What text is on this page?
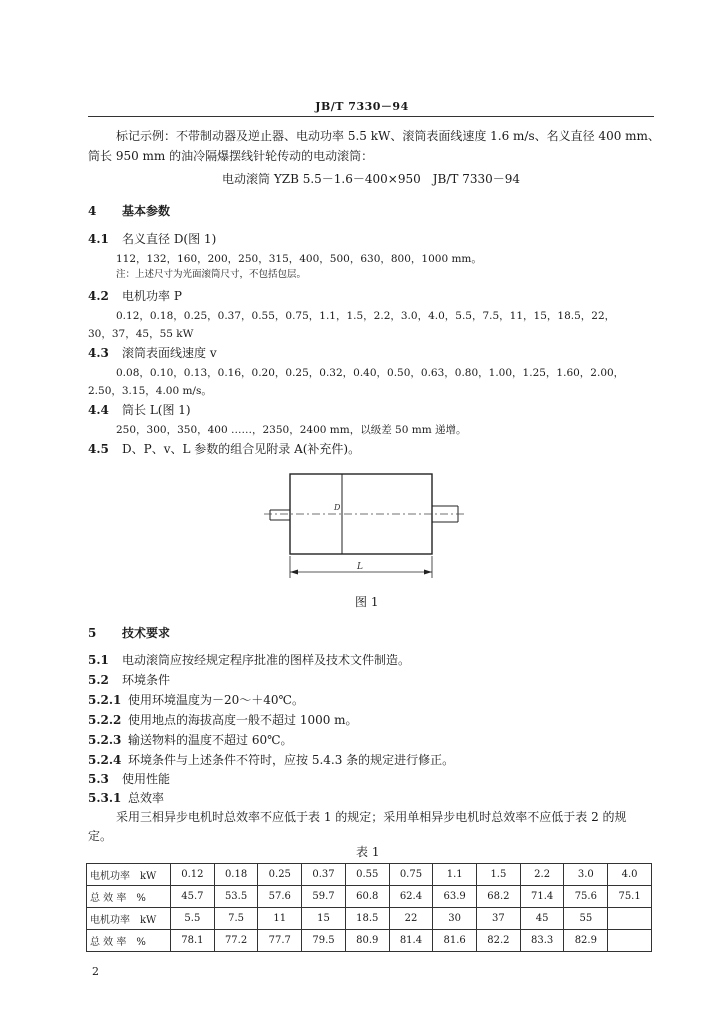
JB/T 7330－94
标记示例：不带制动器及逆止器、电动功率 5.5 kW、滚筒表面线速度 1.6 m/s、名义直径 400 mm、
筒长 950 mm 的油冷隔爆摆线针轮传动的电动滚筒：
电动滚筒 YZB 5.5－1.6－400×950　JB/T 7330－94
4 基本参数
4.1 名义直径 D(图 1)
112，132，160，200，250，315，400，500，630，800，1000 mm。
注：上述尺寸为光面滚筒尺寸，不包括包层。
4.2 电机功率 P
0.12，0.18，0.25，0.37，0.55，0.75，1.1，1.5，2.2，3.0，4.0，5.5，7.5，11，15，18.5，22，
30，37，45，55 kW
4.3 滚筒表面线速度 v
0.08，0.10，0.13，0.16，0.20，0.25，0.32，0.40，0.50，0.63，0.80，1.00，1.25，1.60，2.00，
2.50，3.15，4.00 m/s。
4.4 筒长 L(图 1)
250，300，350，400 ……，2350，2400 mm，以级差 50 mm 递增。
4.5 D、P、v、L 参数的组合见附录 A(补充件)。
D
L
图 1
5 技术要求
5.1 电动滚筒应按经规定程序批准的图样及技术文件制造。
5.2 环境条件
5.2.1 使用环境温度为－20～＋40℃。
5.2.2 使用地点的海拔高度一般不超过 1000 m。
5.2.3 输送物料的温度不超过 60℃。
5.2.4 环境条件与上述条件不符时，应按 5.4.3 条的规定进行修正。
5.3 使用性能
5.3.1 总效率
采用三相异步电机时总效率不应低于表 1 的规定；采用单相异步电机时总效率不应低于表 2 的规
定。
表 1
电机功率　kW	0.12	0.18	0.25	0.37	0.55	0.75	1.1	1.5	2.2	3.0	4.0
总 效 率　%	45.7	53.5	57.6	59.7	60.8	62.4	63.9	68.2	71.4	75.6	75.1
电机功率　kW	5.5	7.5	11	15	18.5	22	30	37	45	55	
总 效 率　%	78.1	77.2	77.7	79.5	80.9	81.4	81.6	82.2	83.3	82.9	
2
